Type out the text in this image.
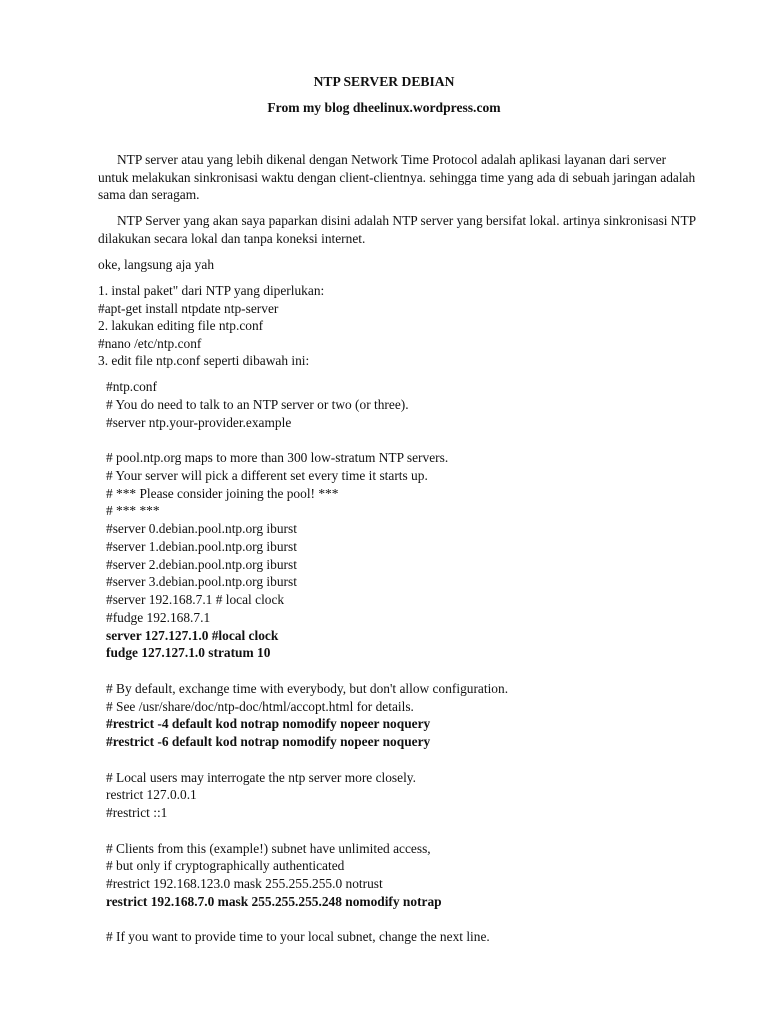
NTP SERVER DEBIAN
From my blog dheelinux.wordpress.com

NTP server atau yang lebih dikenal dengan Network Time Protocol adalah aplikasi layanan dari server untuk melakukan sinkronisasi waktu dengan client-clientnya. sehingga time yang ada di sebuah jaringan adalah sama dan seragam.

NTP Server yang akan saya paparkan disini adalah NTP server yang bersifat lokal. artinya sinkronisasi NTP dilakukan secara lokal dan tanpa koneksi internet.

oke, langsung aja yah
1. instal paket" dari NTP yang diperlukan:
#apt-get install ntpdate ntp-server
2. lakukan editing file ntp.conf
#nano /etc/ntp.conf
3. edit file ntp.conf seperti dibawah ini:
#ntp.conf
# You do need to talk to an NTP server or two (or three).
#server ntp.your-provider.example
# pool.ntp.org maps to more than 300 low-stratum NTP servers.
# Your server will pick a different set every time it starts up.
# *** Please consider joining the pool! ***
# *** ***
#server 0.debian.pool.ntp.org iburst
#server 1.debian.pool.ntp.org iburst
#server 2.debian.pool.ntp.org iburst
#server 3.debian.pool.ntp.org iburst
#server 192.168.7.1 # local clock
#fudge 192.168.7.1
server 127.127.1.0 #local clock
fudge 127.127.1.0 stratum 10
# By default, exchange time with everybody, but don't allow configuration.
# See /usr/share/doc/ntp-doc/html/accopt.html for details.
#restrict -4 default kod notrap nomodify nopeer noquery
#restrict -6 default kod notrap nomodify nopeer noquery
# Local users may interrogate the ntp server more closely.
restrict 127.0.0.1
#restrict ::1
# Clients from this (example!) subnet have unlimited access,
# but only if cryptographically authenticated
#restrict 192.168.123.0 mask 255.255.255.0 notrust
restrict 192.168.7.0 mask 255.255.255.248 nomodify notrap
# If you want to provide time to your local subnet, change the next line.
